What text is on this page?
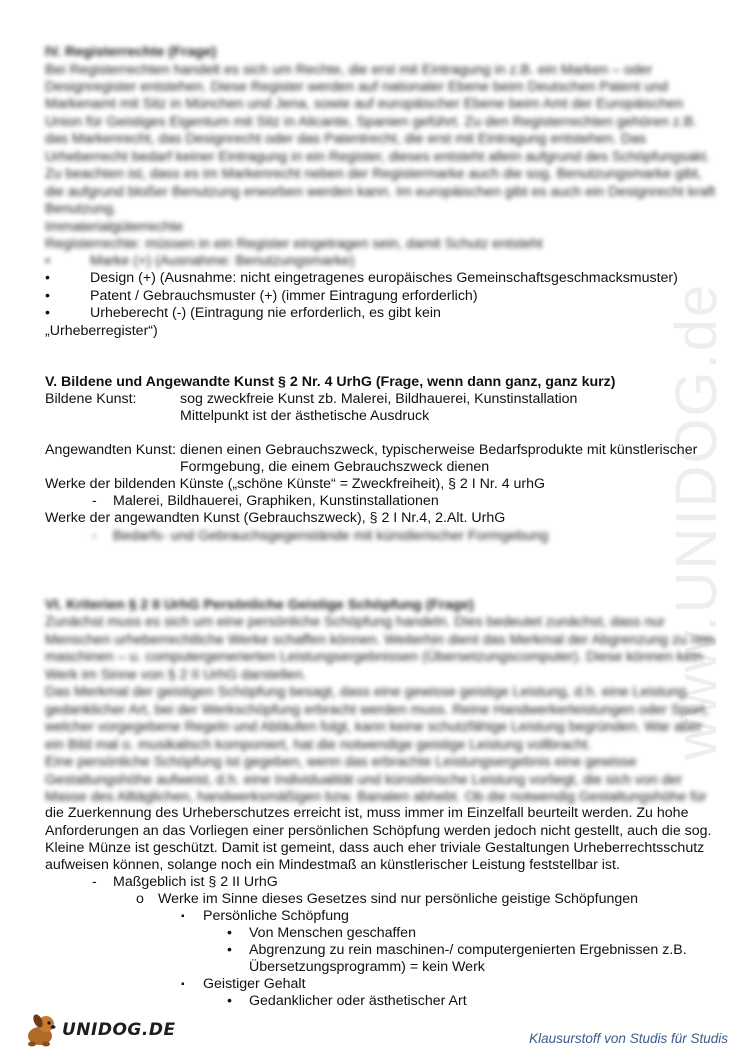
www.UNIDOG.de
IV. Registerrechte (Frage)
Bei Registerrechten handelt es sich um Rechte, die erst mit Eintragung in z.B. ein Marken – oder
Designregister entstehen. Diese Register werden auf nationaler Ebene beim Deutschen Patent und
Markenamt mit Sitz in München und Jena, sowie auf europäischer Ebene beim Amt der Europäischen
Union für Geistiges Eigentum mit Sitz in Alicante, Spanien geführt. Zu den Registerrechten gehören z.B.
das Markenrecht, das Designrecht oder das Patentrecht, die erst mit Eintragung entstehen. Das
Urheberrecht bedarf keiner Eintragung in ein Register, dieses entsteht allein aufgrund des Schöpfungsakt.
Zu beachten ist, dass es im Markenrecht neben der Registermarke auch die sog. Benutzungsmarke gibt,
die aufgrund bloßer Benutzung erworben werden kann. Im europäischen gibt es auch ein Designrecht kraft
Benutzung.
Immaterialgüterrechte
Registerrechte: müssen in ein Register eingetragen sein, damit Schutz entsteht
•	Marke (+) (Ausnahme: Benutzungsmarke)
•	Design (+) (Ausnahme: nicht eingetragenes europäisches Gemeinschaftsgeschmacksmuster)
•	Patent / Gebrauchsmuster (+) (immer Eintragung erforderlich)
•	Urheberecht (-) (Eintragung nie erforderlich, es gibt kein
„Urheberregister“)
V. Bildene und Angewandte Kunst § 2 Nr. 4 UrhG (Frage, wenn dann ganz, ganz kurz)
Bildene Kunst:	sog zweckfreie Kunst zb. Malerei, Bildhauerei, Kunstinstallation
Mittelpunkt ist der ästhetische Ausdruck
Angewandten Kunst: dienen einen Gebrauchszweck, typischerweise Bedarfsprodukte mit künstlerischer
Formgebung, die einem Gebrauchszweck dienen
Werke der bildenden Künste („schöne Künste“ = Zweckfreiheit), § 2 I Nr. 4 urhG
- Malerei, Bildhauerei, Graphiken, Kunstinstallationen
Werke der angewandten Kunst (Gebrauchszweck), § 2 I Nr.4, 2.Alt. UrhG
- Bedarfs- und Gebrauchsgegenstände mit künstlerischer Formgebung
VI. Kriterien § 2 II UrhG Persönliche Geistige Schöpfung (Frage)
Zunächst muss es sich um eine persönliche Schöpfung handeln. Dies bedeutet zunächst, dass nur
Menschen urheberrechtliche Werke schaffen können. Weiterhin dient das Merkmal der Abgrenzung zu rein
maschinen – u. computergenerierten Leistungsergebnissen (Übersetzungscomputer). Diese können kein
Werk im Sinne von § 2 II UrhG darstellen.
Das Merkmal der geistigen Schöpfung besagt, dass eine gewisse geistige Leistung, d.h. eine Leistung
gedanklicher Art, bei der Werkschöpfung erbracht werden muss. Reine Handwerkerleistungen oder Sport,
welcher vorgegebene Regeln und Abläufen folgt, kann keine schutzfähige Leistung begründen. War aber
ein Bild mal o. musikalisch komponiert, hat die notwendige geistige Leistung vollbracht.
Eine persönliche Schöpfung ist gegeben, wenn das erbrachte Leistungsergebnis eine gewisse
Gestaltungshöhe aufweist, d.h. eine Individualität und künstlerische Leistung vorliegt, die sich von der
Masse des Alltäglichen, handwerksmäßigen bzw. Banalen abhebt. Ob die notwendig Gestaltungshöhe für
die Zuerkennung des Urheberschutzes erreicht ist, muss immer im Einzelfall beurteilt werden. Zu hohe
Anforderungen an das Vorliegen einer persönlichen Schöpfung werden jedoch nicht gestellt, auch die sog.
Kleine Münze ist geschützt. Damit ist gemeint, dass auch eher triviale Gestaltungen Urheberrechtsschutz
aufweisen können, solange noch ein Mindestmaß an künstlerischer Leistung feststellbar ist.
- Maßgeblich ist § 2 II UrhG
o Werke im Sinne dieses Gesetzes sind nur persönliche geistige Schöpfungen
▪ Persönliche Schöpfung
• Von Menschen geschaffen
• Abgrenzung zu rein maschinen-/ computergenierten Ergebnissen z.B.
Übersetzungsprogramm) = kein Werk
▪ Geistiger Gehalt
• Gedanklicher oder ästhetischer Art
UNIDOG.DE	Klausurstoff von Studis für Studis
